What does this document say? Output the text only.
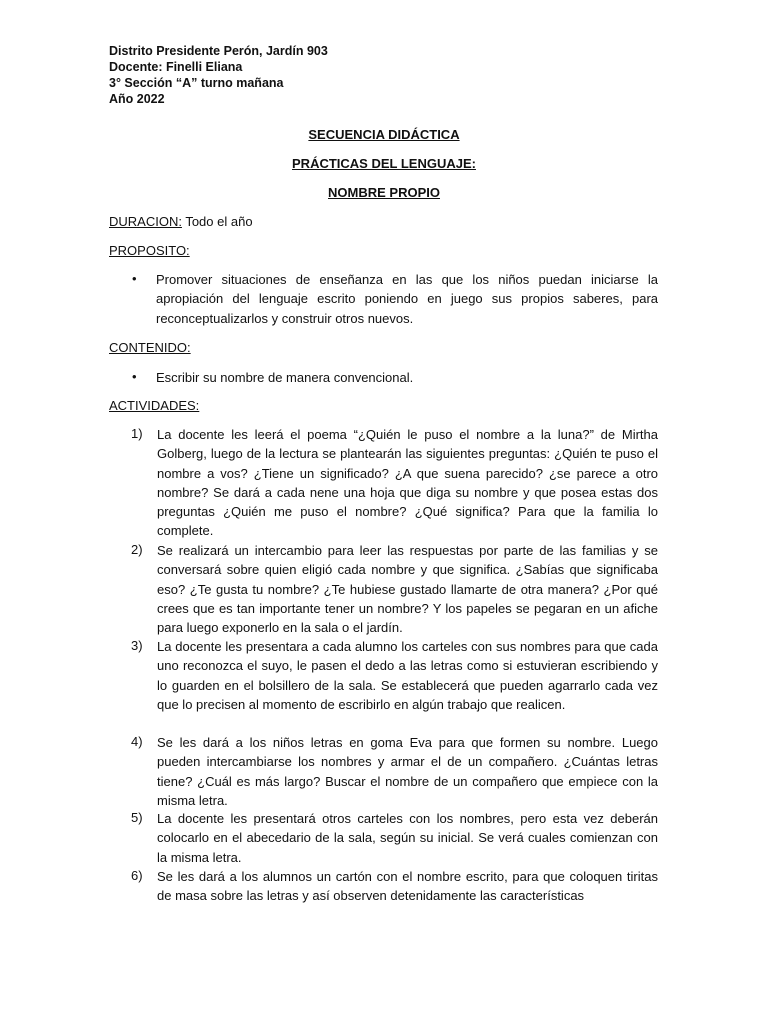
Distrito Presidente Perón, Jardín 903
Docente: Finelli Eliana
3° Sección “A” turno mañana
Año 2022
SECUENCIA DIDÁCTICA
PRÁCTICAS DEL LENGUAJE:
NOMBRE PROPIO
DURACION: Todo el año
PROPOSITO:
• Promover situaciones de enseñanza en las que los niños puedan iniciarse la apropiación del lenguaje escrito poniendo en juego sus propios saberes, para reconceptualizarlos y construir otros nuevos.
CONTENIDO:
• Escribir su nombre de manera convencional.
ACTIVIDADES:
1) La docente les leerá el poema “¿Quién le puso el nombre a la luna?” de Mirtha Golberg, luego de la lectura se plantearán las siguientes preguntas: ¿Quién te puso el nombre a vos? ¿Tiene un significado? ¿A que suena parecido? ¿se parece a otro nombre? Se dará a cada nene una hoja que diga su nombre y que posea estas dos preguntas ¿Quién me puso el nombre? ¿Qué significa? Para que la familia lo complete.
2) Se realizará un intercambio para leer las respuestas por parte de las familias y se conversará sobre quien eligió cada nombre y que significa. ¿Sabías que significaba eso? ¿Te gusta tu nombre? ¿Te hubiese gustado llamarte de otra manera? ¿Por qué crees que es tan importante tener un nombre? Y los papeles se pegaran en un afiche para luego exponerlo en la sala o el jardín.
3) La docente les presentara a cada alumno los carteles con sus nombres para que cada uno reconozca el suyo, le pasen el dedo a las letras como si estuvieran escribiendo y lo guarden en el bolsillero de la sala. Se establecerá que pueden agarrarlo cada vez que lo precisen al momento de escribirlo en algún trabajo que realicen.
4) Se les dará a los niños letras en goma Eva para que formen su nombre. Luego pueden intercambiarse los nombres y armar el de un compañero. ¿Cuántas letras tiene? ¿Cuál es más largo? Buscar el nombre de un compañero que empiece con la misma letra.
5) La docente les presentará otros carteles con los nombres, pero esta vez deberán colocarlo en el abecedario de la sala, según su inicial. Se verá cuales comienzan con la misma letra.
6) Se les dará a los alumnos un cartón con el nombre escrito, para que coloquen tiritas de masa sobre las letras y así observen detenidamente las características
